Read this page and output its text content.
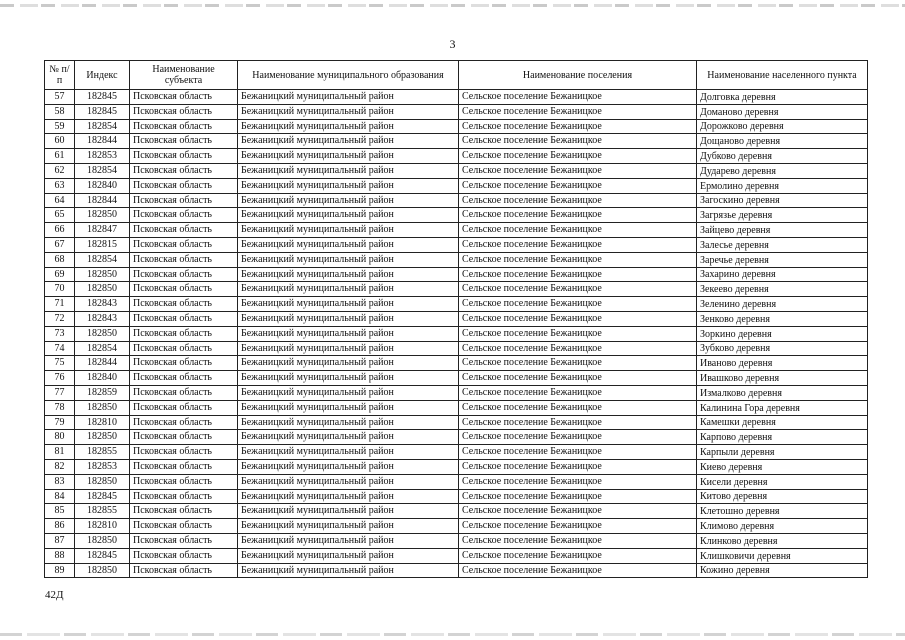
3
№ п/п	Индекс	Наименование субъекта	Наименование муниципального образования	Наименование поселения	Наименование населенного пункта
57	182845	Псковская область	Бежаницкий муниципальный район	Сельское поселение Бежаницкое	Долговка деревня
58	182845	Псковская область	Бежаницкий муниципальный район	Сельское поселение Бежаницкое	Доманово деревня
59	182854	Псковская область	Бежаницкий муниципальный район	Сельское поселение Бежаницкое	Дорожково деревня
60	182844	Псковская область	Бежаницкий муниципальный район	Сельское поселение Бежаницкое	Дощаново деревня
61	182853	Псковская область	Бежаницкий муниципальный район	Сельское поселение Бежаницкое	Дубково деревня
62	182854	Псковская область	Бежаницкий муниципальный район	Сельское поселение Бежаницкое	Дударево деревня
63	182840	Псковская область	Бежаницкий муниципальный район	Сельское поселение Бежаницкое	Ермолино деревня
64	182844	Псковская область	Бежаницкий муниципальный район	Сельское поселение Бежаницкое	Загоскино деревня
65	182850	Псковская область	Бежаницкий муниципальный район	Сельское поселение Бежаницкое	Загрязье деревня
66	182847	Псковская область	Бежаницкий муниципальный район	Сельское поселение Бежаницкое	Зайцево деревня
67	182815	Псковская область	Бежаницкий муниципальный район	Сельское поселение Бежаницкое	Залесье деревня
68	182854	Псковская область	Бежаницкий муниципальный район	Сельское поселение Бежаницкое	Заречье деревня
69	182850	Псковская область	Бежаницкий муниципальный район	Сельское поселение Бежаницкое	Захарино деревня
70	182850	Псковская область	Бежаницкий муниципальный район	Сельское поселение Бежаницкое	Зекеево деревня
71	182843	Псковская область	Бежаницкий муниципальный район	Сельское поселение Бежаницкое	Зеленино деревня
72	182843	Псковская область	Бежаницкий муниципальный район	Сельское поселение Бежаницкое	Зенково деревня
73	182850	Псковская область	Бежаницкий муниципальный район	Сельское поселение Бежаницкое	Зоркино деревня
74	182854	Псковская область	Бежаницкий муниципальный район	Сельское поселение Бежаницкое	Зубково деревня
75	182844	Псковская область	Бежаницкий муниципальный район	Сельское поселение Бежаницкое	Иваново деревня
76	182840	Псковская область	Бежаницкий муниципальный район	Сельское поселение Бежаницкое	Ивашково деревня
77	182859	Псковская область	Бежаницкий муниципальный район	Сельское поселение Бежаницкое	Измалково деревня
78	182850	Псковская область	Бежаницкий муниципальный район	Сельское поселение Бежаницкое	Калинина Гора деревня
79	182810	Псковская область	Бежаницкий муниципальный район	Сельское поселение Бежаницкое	Камешки деревня
80	182850	Псковская область	Бежаницкий муниципальный район	Сельское поселение Бежаницкое	Карпово деревня
81	182855	Псковская область	Бежаницкий муниципальный район	Сельское поселение Бежаницкое	Карпыли деревня
82	182853	Псковская область	Бежаницкий муниципальный район	Сельское поселение Бежаницкое	Киево деревня
83	182850	Псковская область	Бежаницкий муниципальный район	Сельское поселение Бежаницкое	Кисели деревня
84	182845	Псковская область	Бежаницкий муниципальный район	Сельское поселение Бежаницкое	Китово деревня
85	182855	Псковская область	Бежаницкий муниципальный район	Сельское поселение Бежаницкое	Клетошно деревня
86	182810	Псковская область	Бежаницкий муниципальный район	Сельское поселение Бежаницкое	Климово деревня
87	182850	Псковская область	Бежаницкий муниципальный район	Сельское поселение Бежаницкое	Клинково деревня
88	182845	Псковская область	Бежаницкий муниципальный район	Сельское поселение Бежаницкое	Клишковичи деревня
89	182850	Псковская область	Бежаницкий муниципальный район	Сельское поселение Бежаницкое	Кожино деревня
42Д
